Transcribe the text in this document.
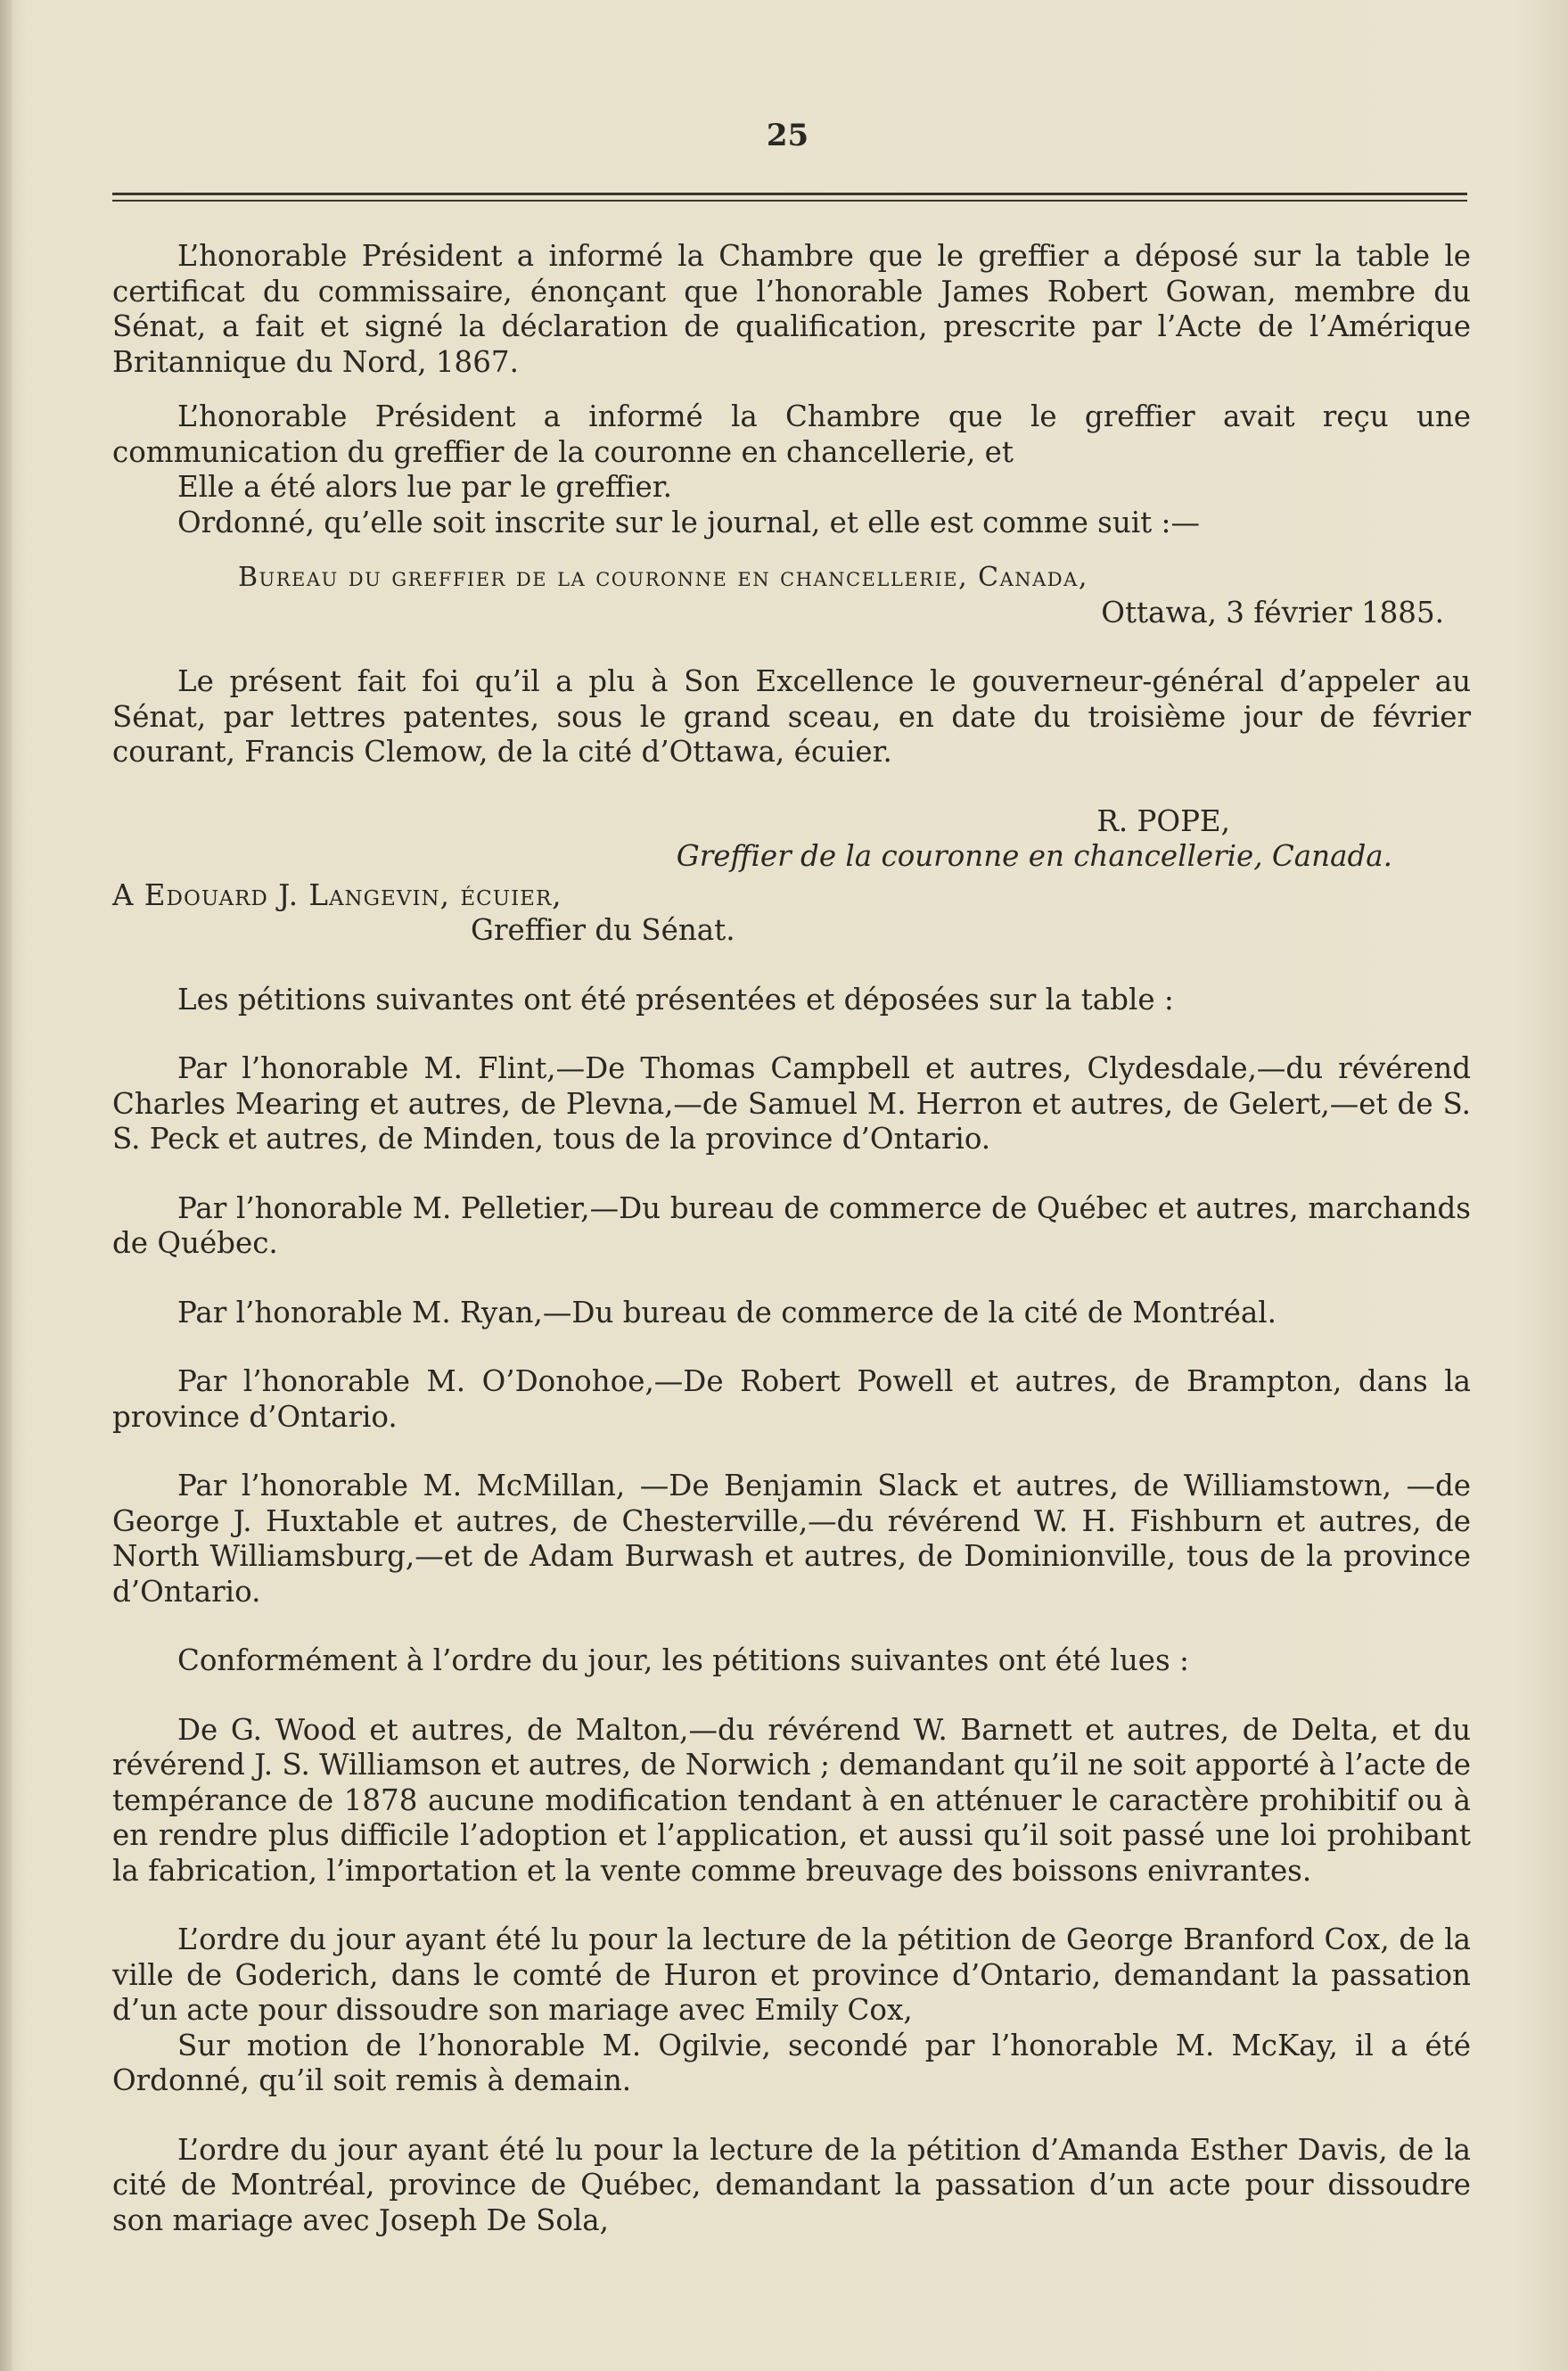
25

L’honorable Président a informé la Chambre que le greffier a déposé sur la table le certificat du commissaire, énonçant que l’honorable James Robert Gowan, membre du Sénat, a fait et signé la déclaration de qualification, prescrite par l’Acte de l’Amérique Britannique du Nord, 1867.

L’honorable Président a informé la Chambre que le greffier avait reçu une communication du greffier de la couronne en chancellerie, et

Elle a été alors lue par le greffier.

Ordonné, qu’elle soit inscrite sur le journal, et elle est comme suit :—

Bureau du greffier de la couronne en chancellerie, Canada,

Ottawa, 3 février 1885.

Le présent fait foi qu’il a plu à Son Excellence le gouverneur-général d’appeler au Sénat, par lettres patentes, sous le grand sceau, en date du troisième jour de février courant, Francis Clemow, de la cité d’Ottawa, écuier.

R. POPE,

Greffier de la couronne en chancellerie, Canada.

A Edouard J. Langevin, écuier,

Greffier du Sénat.

Les pétitions suivantes ont été présentées et déposées sur la table :

Par l’honorable M. Flint,—De Thomas Campbell et autres, Clydesdale,—du révérend Charles Mearing et autres, de Plevna,—de Samuel M. Herron et autres, de Gelert,—et de S. S. Peck et autres, de Minden, tous de la province d’Ontario.

Par l’honorable M. Pelletier,—Du bureau de commerce de Québec et autres, marchands de Québec.

Par l’honorable M. Ryan,—Du bureau de commerce de la cité de Montréal.

Par l’honorable M. O’Donohoe,—De Robert Powell et autres, de Brampton, dans la province d’Ontario.

Par l’honorable M. McMillan, —De Benjamin Slack et autres, de Williamstown, —de George J. Huxtable et autres, de Chesterville,—du révérend W. H. Fishburn et autres, de North Williamsburg,—et de Adam Burwash et autres, de Dominionville, tous de la province d’Ontario.

Conformément à l’ordre du jour, les pétitions suivantes ont été lues :

De G. Wood et autres, de Malton,—du révérend W. Barnett et autres, de Delta, et du révérend J. S. Williamson et autres, de Norwich ; demandant qu’il ne soit apporté à l’acte de tempérance de 1878 aucune modification tendant à en atténuer le caractère prohibitif ou à en rendre plus difficile l’adoption et l’application, et aussi qu’il soit passé une loi prohibant la fabrication, l’importation et la vente comme breuvage des boissons enivrantes.

L’ordre du jour ayant été lu pour la lecture de la pétition de George Branford Cox, de la ville de Goderich, dans le comté de Huron et province d’Ontario, demandant la passation d’un acte pour dissoudre son mariage avec Emily Cox,

Sur motion de l’honorable M. Ogilvie, secondé par l’honorable M. McKay, il a été Ordonné, qu’il soit remis à demain.

L’ordre du jour ayant été lu pour la lecture de la pétition d’Amanda Esther Davis, de la cité de Montréal, province de Québec, demandant la passation d’un acte pour dissoudre son mariage avec Joseph De Sola,
